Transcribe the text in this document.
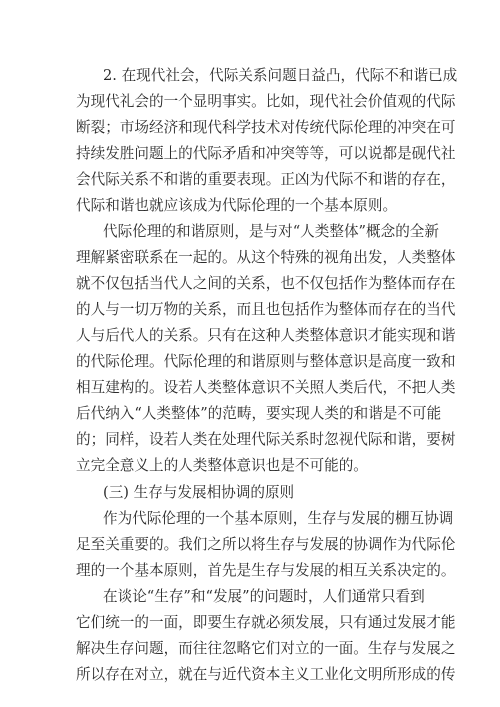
2. 在现代社会，代际关系问题日益凸，代际不和谐已成
为现代礼会的一个显明事实。比如，现代社会价值观的代际
断裂；市场经济和现代科学技术对传统代际伦理的冲突在可
持续发胜问题上的代际矛盾和冲突等等，可以说都是砚代社
会代际关系不和谐的重要表现。正凶为代际不和谐的存在，
代际和谐也就应该成为代际伦理的一个基本原则。
代际伦理的和谐原则，是与对“人类整体”概念的全新
理解紧密联系在一起的。从这个特殊的视角出发，人类整体
就不仅包括当代人之间的关系，也不仅包括作为整体而存在
的人与一切万物的关系，而且也包括作为整体而存在的当代
人与后代人的关系。只有在这种人类整体意识才能实现和谐
的代际伦理。代际伦理的和谐原则与整体意识是高度一致和
相互建构的。设若人类整体意识不关照人类后代，不把人类
后代纳入“人类整体”的范畴，要实现人类的和谐是不可能
的；同样，设若人类在处理代际关系时忽视代际和谐，要树
立完全意义上的人类整体意识也是不可能的。
(三) 生存与发展相协调的原则
作为代际伦理的一个基本原则，生存与发展的棚互协调
足至关重要的。我们之所以将生存与发展的协调作为代际伦
理的一个基本原则，首先是生存与发展的相互关系决定的。
在谈论“生存”和“发展”的问题时，人们通常只看到
它们统一的一面，即要生存就必须发展，只有通过发展才能
解决生存问题，而往往忽略它们对立的一面。生存与发展之
所以存在对立，就在与近代资本主义工业化文明所形成的传
